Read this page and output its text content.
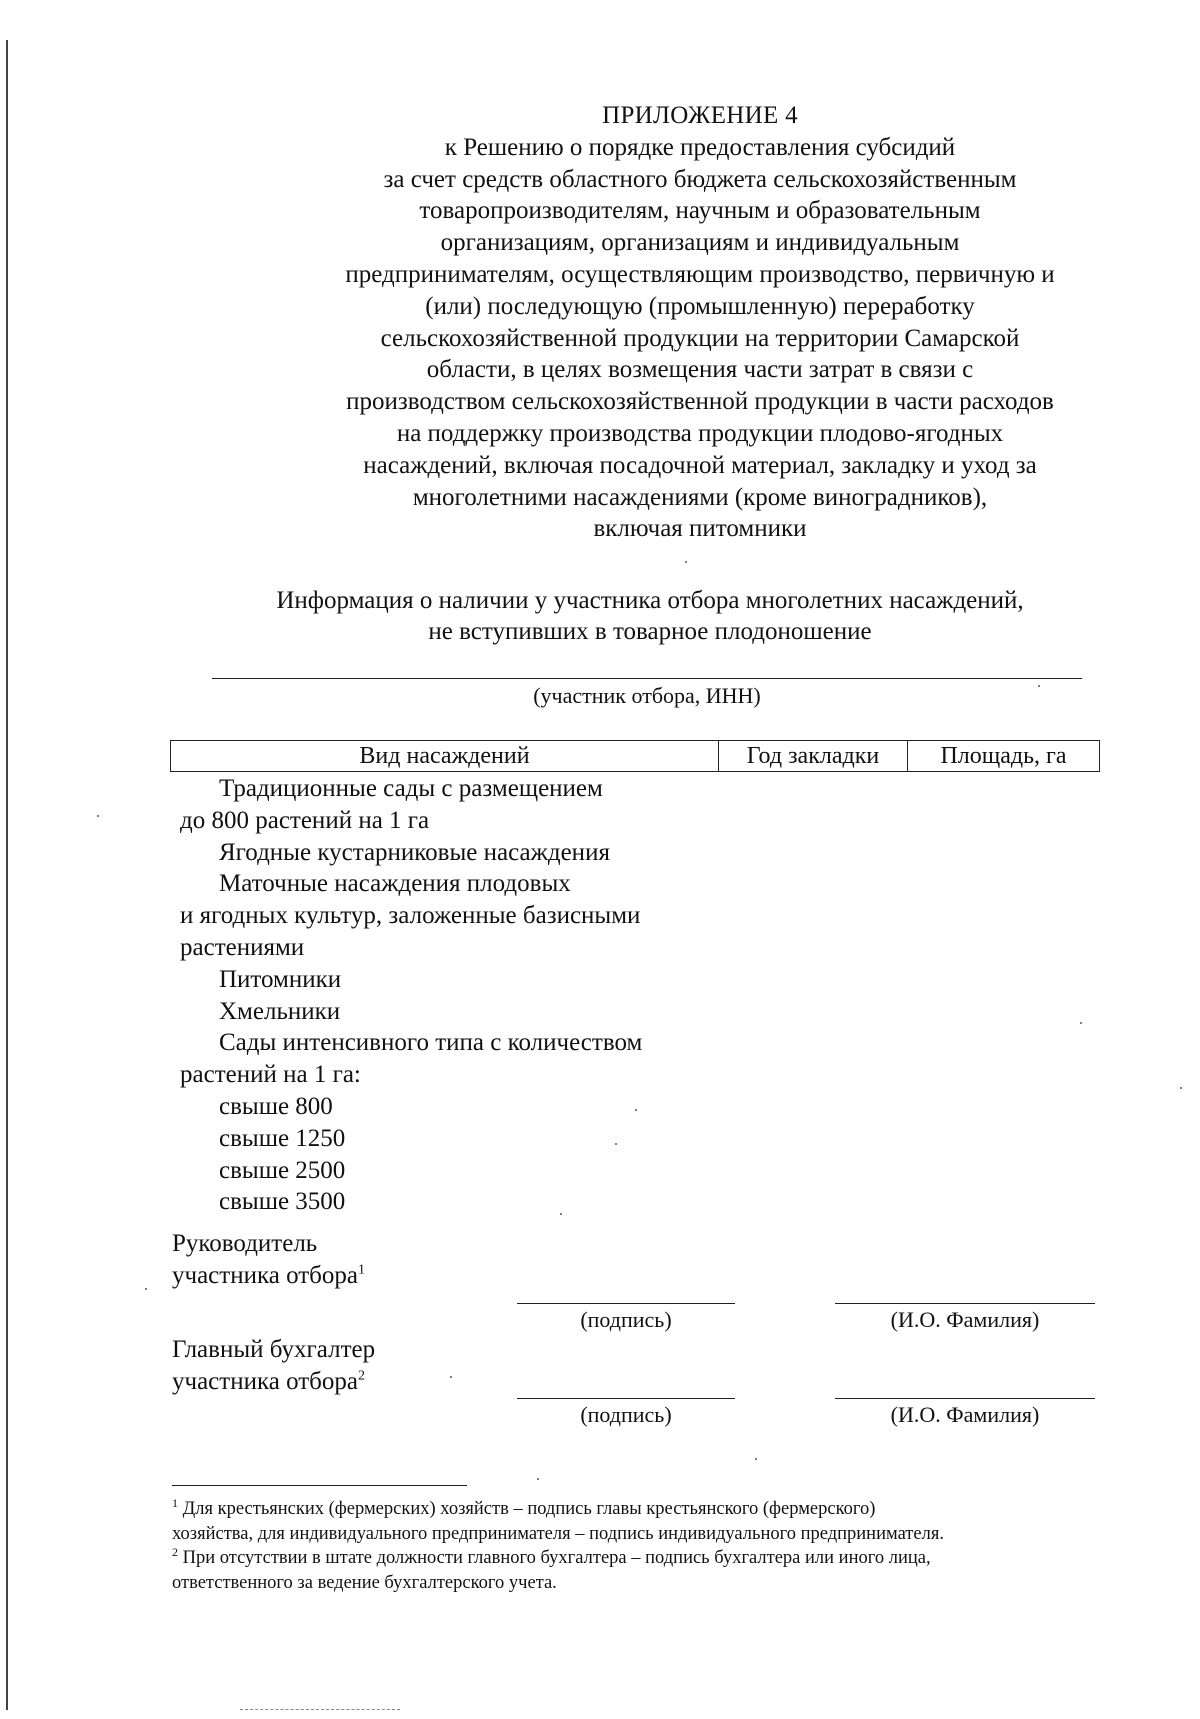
ПРИЛОЖЕНИЕ 4
к Решению о порядке предоставления субсидий
за счет средств областного бюджета сельскохозяйственным
товаропроизводителям, научным и образовательным
организациям, организациям и индивидуальным
предпринимателям, осуществляющим производство, первичную и
(или) последующую (промышленную) переработку
сельскохозяйственной продукции на территории Самарской
области, в целях возмещения части затрат в связи с
производством сельскохозяйственной продукции в части расходов
на поддержку производства продукции плодово-ягодных
насаждений, включая посадочной материал, закладку и уход за
многолетними насаждениями (кроме виноградников),
включая питомники
Информация о наличии у участника отбора многолетних насаждений,
не вступивших в товарное плодоношение
(участник отбора, ИНН)
Вид насаждений	Год закладки	Площадь, га
Традиционные сады с размещением
до 800 растений на 1 га
Ягодные кустарниковые насаждения
Маточные насаждения плодовых
и ягодных культур, заложенные базисными
растениями
Питомники
Хмельники
Сады интенсивного типа с количеством
растений на 1 га:
свыше 800
свыше 1250
свыше 2500
свыше 3500
Руководитель
участника отбора$^1$
(подпись)	(И.О. Фамилия)
Главный бухгалтер
участника отбора$^2$
(подпись)	(И.О. Фамилия)
$^1$ Для крестьянских (фермерских) хозяйств – подпись главы крестьянского (фермерского)
хозяйства, для индивидуального предпринимателя – подпись индивидуального предпринимателя.
$^2$ При отсутствии в штате должности главного бухгалтера – подпись бухгалтера или иного лица,
ответственного за ведение бухгалтерского учета.
